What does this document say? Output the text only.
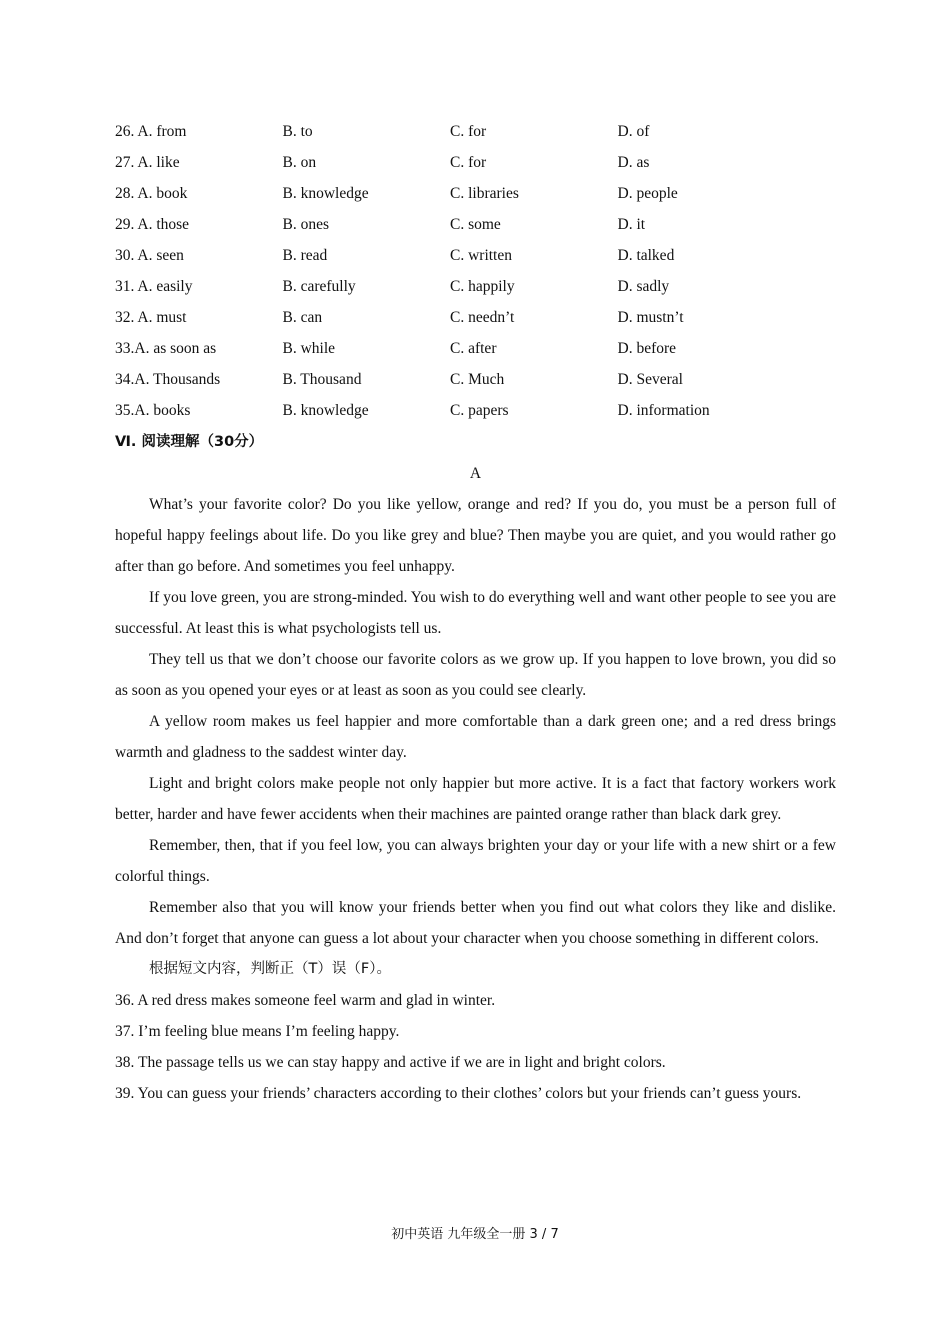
26. A. from	B. to	C. for	D. of
27. A. like	B. on	C. for	D. as
28. A. book	B. knowledge	C. libraries	D. people
29. A. those	B. ones	C. some	D. it
30. A. seen	B. read	C. written	D. talked
31. A. easily	B. carefully	C. happily	D. sadly
32. A. must	B. can	C. needn’t	D. mustn’t
33.A. as soon as	B. while	C. after	D. before
34.A. Thousands	B. Thousand	C. Much	D. Several
35.A. books	B. knowledge	C. papers	D. information
Ⅵ. 阅读理解（30分）
A

What’s your favorite color? Do you like yellow, orange and red? If you do, you must be a person full of hopeful happy feelings about life. Do you like grey and blue? Then maybe you are quiet, and you would rather go after than go before. And sometimes you feel unhappy.

If you love green, you are strong-minded. You wish to do everything well and want other people to see you are successful. At least this is what psychologists tell us.

They tell us that we don’t choose our favorite colors as we grow up. If you happen to love brown, you did so as soon as you opened your eyes or at least as soon as you could see clearly.

A yellow room makes us feel happier and more comfortable than a dark green one; and a red dress brings warmth and gladness to the saddest winter day.

Light and bright colors make people not only happier but more active. It is a fact that factory workers work better, harder and have fewer accidents when their machines are painted orange rather than black dark grey.

Remember, then, that if you feel low, you can always brighten your day or your life with a new shirt or a few colorful things.

Remember also that you will know your friends better when you find out what colors they like and dislike. And don’t forget that anyone can guess a lot about your character when you choose something in different colors.

根据短文内容，判断正（T）误（F）。

36. A red dress makes someone feel warm and glad in winter.

37. I’m feeling blue means I’m feeling happy.

38. The passage tells us we can stay happy and active if we are in light and bright colors.

39. You can guess your friends’ characters according to their clothes’ colors but your friends can’t guess yours.

初中英语 九年级全一册 3 / 7
